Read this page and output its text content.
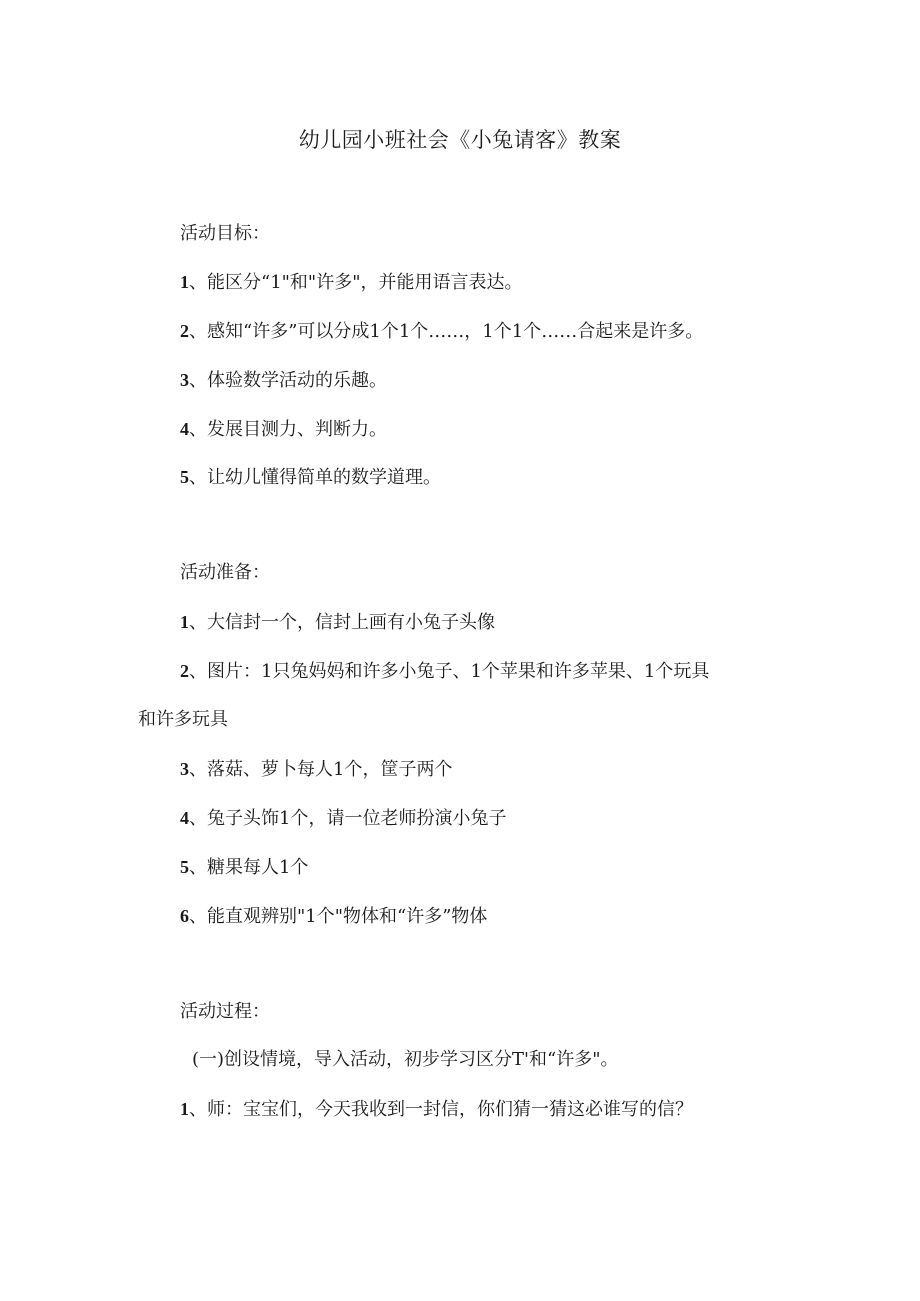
幼儿园小班社会《小兔请客》教案
活动目标：
1、能区分“1"和"许多"，并能用语言表达。
2、感知“许多”可以分成1个1个……，1个1个……合起来是许多。
3、体验数学活动的乐趣。
4、发展目测力、判断力。
5、让幼儿懂得简单的数学道理。
活动准备：
1、大信封一个，信封上画有小兔子头像
2、图片：1只兔妈妈和许多小兔子、1个苹果和许多苹果、1个玩具
和许多玩具
3、落菇、萝卜每人1个，筐子两个
4、兔子头饰1个，请一位老师扮演小兔子
5、糖果每人1个
6、能直观辨别"1个"物体和“许多”物体
活动过程：
(一)创设情境，导入活动，初步学习区分T'和“许多"。
1、师：宝宝们，今天我收到一封信，你们猜一猜这必谁写的信？
